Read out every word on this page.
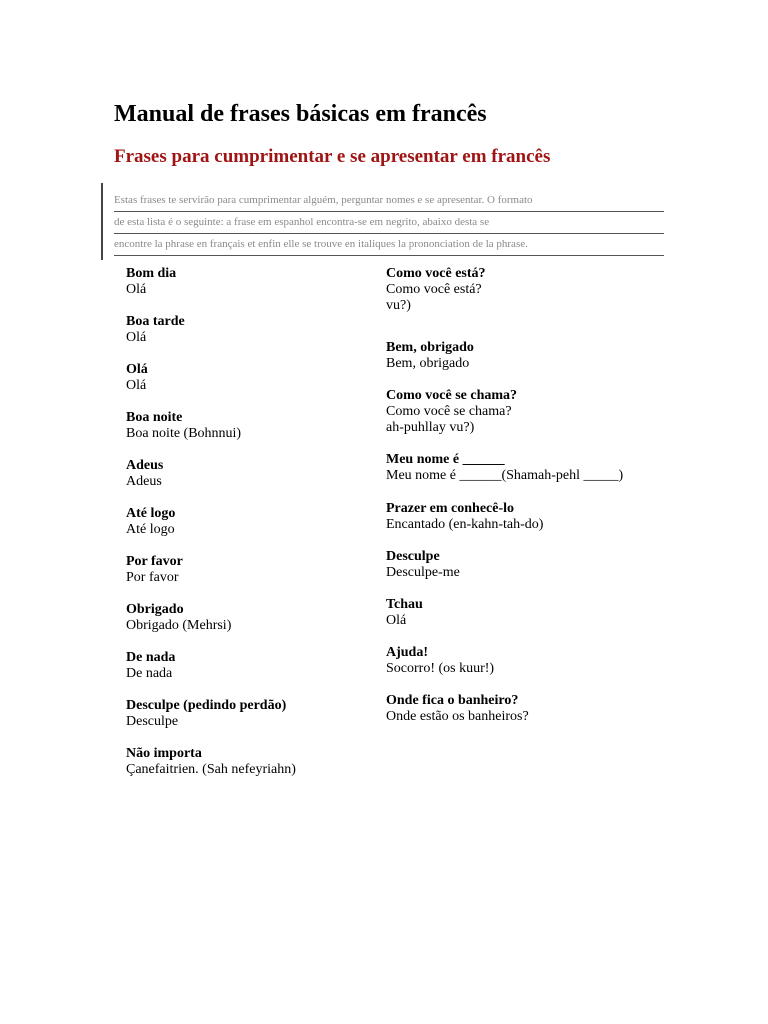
Manual de frases básicas em francês
Frases para cumprimentar e se apresentar em francês
Estas frases te servirão para cumprimentar alguém, perguntar nomes e se apresentar. O formato
de esta lista é o seguinte: a frase em espanhol encontra-se em negrito, abaixo desta se
encontre la phrase en français et enfin elle se trouve en italiques la prononciation de la phrase.
Bom dia
Olá
Boa tarde
Olá
Olá
Olá
Boa noite
Boa noite (Bohnnui)
Adeus
Adeus
Até logo
Até logo
Por favor
Por favor
Obrigado
Obrigado (Mehrsi)
De nada
De nada
Desculpe (pedindo perdão)
Desculpe
Não importa
Çanefaitrien. (Sah nefeyriahn)
Como você está?
Como você está?
vu?)
Bem, obrigado
Bem, obrigado
Como você se chama?
Como você se chama?
ah-puhllay vu?)
Meu nome é ______
Meu nome é ______(Shamah-pehl _____)
Prazer em conhecê-lo
Encantado (en-kahn-tah-do)
Desculpe
Desculpe-me
Tchau
Olá
Ajuda!
Socorro! (os kuur!)
Onde fica o banheiro?
Onde estão os banheiros?
